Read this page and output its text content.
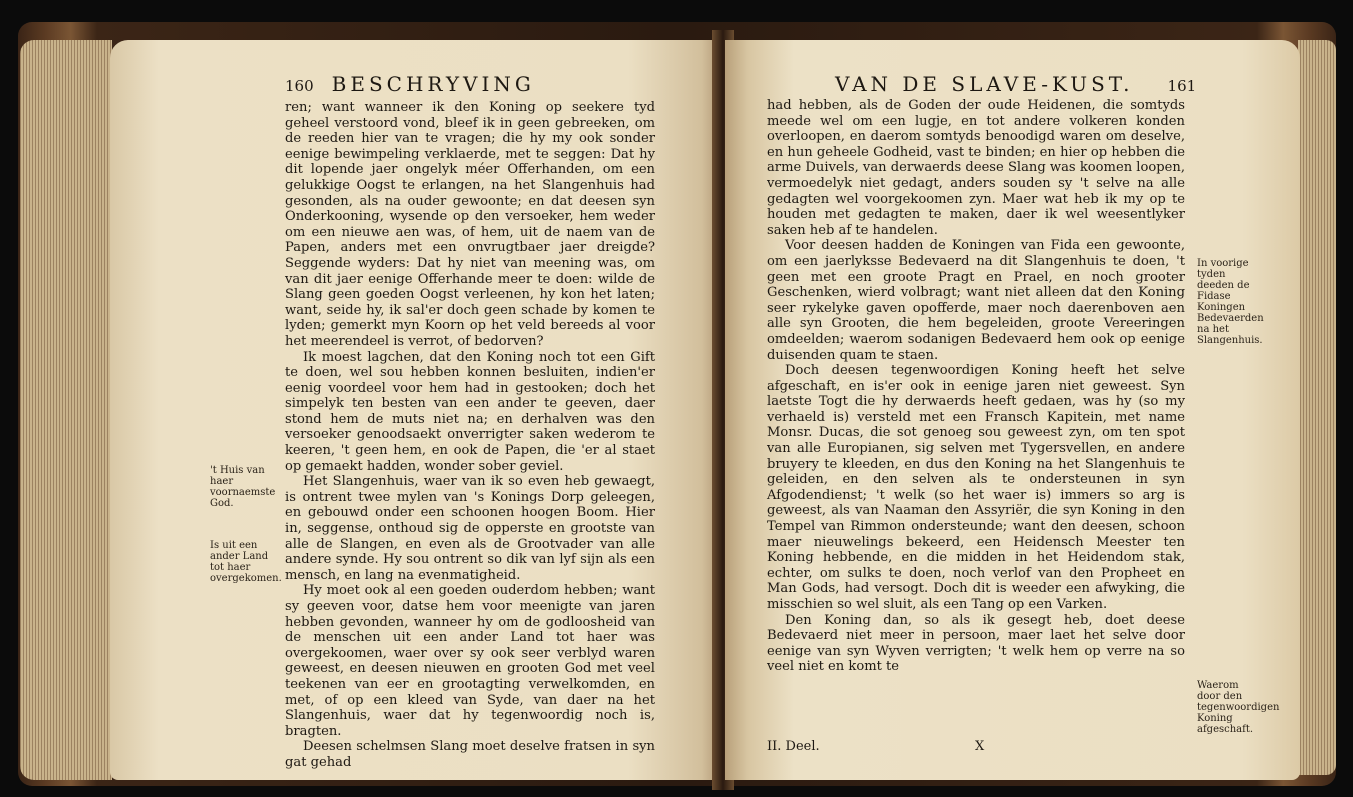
160 BESCHRYVING

ren; want wanneer ik den Koning op seekere tyd geheel verstoord vond, bleef ik in geen gebreeken, om de reeden hier van te vragen; die hy my ook sonder eenige bewimpeling verklaerde, met te seggen: Dat hy dit lopende jaer ongelyk méer Offerhanden, om een gelukkige Oogst te erlangen, na het Slangenhuis had gesonden, als na ouder gewoonte; en dat deesen syn Onderkooning, wysende op den versoeker, hem weder om een nieuwe aen was, of hem, uit de naem van de Papen, anders met een onvrugtbaer jaer dreigde? Seggende wyders: Dat hy niet van meening was, om van dit jaer eenige Offerhande meer te doen: wilde de Slang geen goeden Oogst verleenen, hy kon het laten; want, seide hy, ik sal'er doch geen schade by komen te lyden; gemerkt myn Koorn op het veld bereeds al voor het meerendeel is verrot, of bedorven?

Ik moest lagchen, dat den Koning noch tot een Gift te doen, wel sou hebben konnen besluiten, indien'er eenig voordeel voor hem had in gestooken; doch het simpelyk ten besten van een ander te geeven, daer stond hem de muts niet na; en derhalven was den versoeker genoodsaekt onverrigter saken wederom te keeren, 't geen hem, en ook de Papen, die 'er al staet op gemaekt hadden, wonder sober geviel.

Het Slangenhuis, waer van ik so even heb gewaegt, is ontrent twee mylen van 's Konings Dorp geleegen, en gebouwd onder een schoonen hoogen Boom. Hier in, seggense, onthoud sig de opperste en grootste van alle de Slangen, en even als de Grootvader van alle andere synde. Hy sou ontrent so dik van lyf sijn als een mensch, en lang na evenmatigheid.

Hy moet ook al een goeden ouderdom hebben; want sy geeven voor, datse hem voor meenigte van jaren hebben gevonden, wanneer hy om de godloosheid van de menschen uit een ander Land tot haer was overgekoomen, waer over sy ook seer verblyd waren geweest, en deesen nieuwen en grooten God met veel teekenen van eer en grootagting verwelkomden, en met, of op een kleed van Syde, van daer na het Slangenhuis, waer dat hy tegenwoordig noch is, bragten.

Deesen schelmsen Slang moet deselve fratsen in syn gat gehad

't Huis van haer voornaemste God.
Is uit een ander Land tot haer overgekomen.
VAN DE SLAVE-KUST. 161

had hebben, als de Goden der oude Heidenen, die somtyds meede wel om een lugje, en tot andere volkeren konden overloopen, en daerom somtyds benoodigd waren om deselve, en hun geheele Godheid, vast te binden; en hier op hebben die arme Duivels, van derwaerds deese Slang was koomen loopen, vermoedelyk niet gedagt, anders souden sy 't selve na alle gedagten wel voorgekoomen zyn. Maer wat heb ik my op te houden met gedagten te maken, daer ik wel weesentlyker saken heb af te handelen.

Voor deesen hadden de Koningen van Fida een gewoonte, om een jaerlyksse Bedevaerd na dit Slangenhuis te doen, 't geen met een groote Pragt en Prael, en noch grooter Geschenken, wierd volbragt; want niet alleen dat den Koning seer rykelyke gaven opofferde, maer noch daerenboven aen alle syn Grooten, die hem begeleiden, groote Vereeringen omdeelden; waerom sodanigen Bedevaerd hem ook op eenige duisenden quam te staen.

Doch deesen tegenwoordigen Koning heeft het selve afgeschaft, en is'er ook in eenige jaren niet geweest. Syn laetste Togt die hy derwaerds heeft gedaen, was hy (so my verhaeld is) versteld met een Fransch Kapitein, met name Monsr. Ducas, die sot genoeg sou geweest zyn, om ten spot van alle Europianen, sig selven met Tygersvellen, en andere bruyery te kleeden, en dus den Koning na het Slangenhuis te geleiden, en den selven als te ondersteunen in syn Afgodendienst; 't welk (so het waer is) immers so arg is geweest, als van Naaman den Assyriër, die syn Koning in den Tempel van Rimmon ondersteunde; want den deesen, schoon maer nieuwelings bekeerd, een Heidensch Meester ten Koning hebbende, en die midden in het Heidendom stak, echter, om sulks te doen, noch verlof van den Propheet en Man Gods, had versogt. Doch dit is weeder een afwyking, die misschien so wel sluit, als een Tang op een Varken.

Den Koning dan, so als ik gesegt heb, doet deese Bedevaerd niet meer in persoon, maer laet het selve door eenige van syn Wyven verrigten; 't welk hem op verre na so veel niet en komt te

In voorige tyden deeden de Fidase Koningen Bedevaerden na het Slangenhuis.
Waerom door den tegenwoordigen Koning afgeschaft.
II. Deel.	X
